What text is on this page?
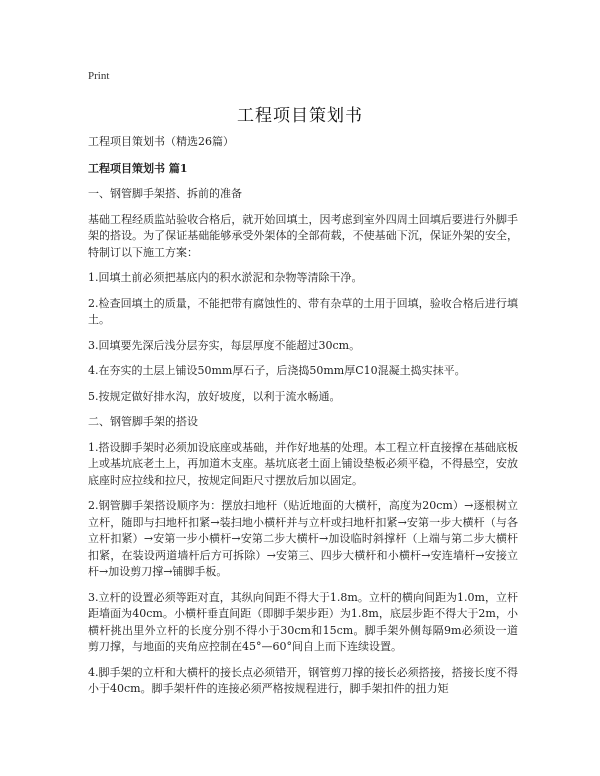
Print
工程项目策划书

工程项目策划书（精选26篇）

工程项目策划书 篇1

一、钢管脚手架搭、拆前的准备

基础工程经质监站验收合格后，就开始回填土，因考虑到室外四周土回填后要进行外脚手架的搭设。为了保证基础能够承受外架体的全部荷载，不使基础下沉，保证外架的安全，特制订以下施工方案：

1.回填土前必须把基底内的积水淤泥和杂物等清除干净。

2.检查回填土的质量，不能把带有腐蚀性的、带有杂草的土用于回填，验收合格后进行填土。

3.回填要先深后浅分层夯实，每层厚度不能超过30cm。

4.在夯实的土层上铺设50mm厚石子，后浇捣50mm厚C10混凝土捣实抹平。

5.按规定做好排水沟，放好坡度，以利于流水畅通。

二、钢管脚手架的搭设

1.搭设脚手架时必须加设底座或基础，并作好地基的处理。本工程立杆直接撑在基础底板上或基坑底老土上，再加道木支座。基坑底老土面上铺设垫板必须平稳，不得悬空，安放底座时应拉线和拉尺，按规定间距尺寸摆放后加以固定。

2.钢管脚手架搭设顺序为：摆放扫地杆（贴近地面的大横杆，高度为20cm）→逐根树立立杆，随即与扫地杆扣紧→装扫地小横杆并与立杆或扫地杆扣紧→安第一步大横杆（与各立杆扣紧）→安第一步小横杆→安第二步大横杆→加设临时斜撑杆（上端与第二步大横杆扣紧，在装设两道墙杆后方可拆除）→安第三、四步大横杆和小横杆→安连墙杆→安接立杆→加设剪刀撑→铺脚手板。

3.立杆的设置必须等距对直，其纵向间距不得大于1.8m。立杆的横向间距为1.0m，立杆距墙面为40cm。小横杆垂直间距（即脚手架步距）为1.8m，底层步距不得大于2m，小横杆挑出里外立杆的长度分别不得小于30cm和15cm。脚手架外侧每隔9m必须设一道剪刀撑，与地面的夹角应控制在45°—60°间自上而下连续设置。

4.脚手架的立杆和大横杆的接长点必须错开，钢管剪刀撑的接长必须搭接，搭接长度不得小于40cm。脚手架杆件的连接必须严格按规程进行，脚手架扣件的扭力矩
